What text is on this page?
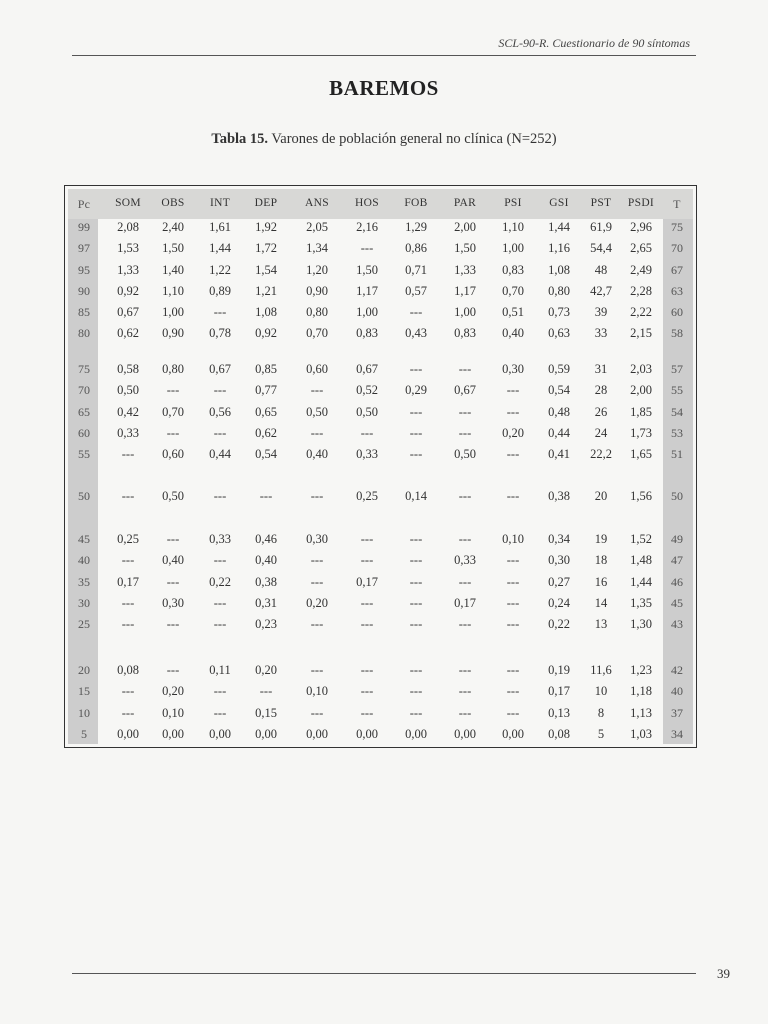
SCL-90-R. Cuestionario de 90 síntomas
BAREMOS
Tabla 15. Varones de población general no clínica (N=252)
Pc SOM OBS INT DEP ANS HOS FOB PAR PSI GSI PST PSDI T
99 2,08 2,40 1,61 1,92 2,05 2,16 1,29 2,00 1,10 1,44 61,9 2,96 75
97 1,53 1,50 1,44 1,72 1,34	---	0,86 1,50 1,00 1,16 54,4 2,65 70
95 1,33 1,40 1,22 1,54 1,20 1,50 0,71 1,33 0,83 1,08 48 2,49 67
90 0,92 1,10 0,89 1,21 0,90 1,17 0,57 1,17 0,70 0,80 42,7 2,28 63
85 0,67 1,00 --- 1,08 0,80 1,00	---	1,00 0,51 0,73 39 2,22 60
80 0,62 0,90 0,78 0,92 0,70 0,83 0,43 0,83 0,40 0,63 33 2,15 58
75 0,58 0,80 0,67 0,85 0,60 0,67	---	--- 0,30 0,59 31 2,03 57
70 0,50 ---	--- 0,77	---	0,52 0,29 0,67 --- 0,54 28 2,00 55
65 0,42 0,70 0,56 0,65 0,50 0,50	---	---	--- 0,48 26 1,85 54
60 0,33 ---	--- 0,62	---	---	---	--- 0,20 0,44 24 1,73 53
55	--- 0,60 0,44 0,54 0,40 0,33	---	0,50 --- 0,41 22,2 1,65 51
50	--- 0,50 ---	---	---	0,25 0,14	---	--- 0,38 20 1,56 50
45 0,25 --- 0,33 0,46 0,30	---	---	--- 0,10 0,34 19 1,52 49
40	--- 0,40 --- 0,40	---	---	---	0,33 --- 0,30 18 1,48 47
35 0,17 --- 0,22 0,38	---	0,17	---	---	--- 0,27 16 1,44 46
30	--- 0,30 --- 0,31 0,20	---	---	0,17 --- 0,24 14 1,35 45
25	---	---	--- 0,23	---	---	---	---	--- 0,22 13 1,30 43
20 0,08 --- 0,11 0,20	---	---	---	---	--- 0,19 11,6 1,23 42
15	--- 0,20 ---	---	0,10	---	---	---	--- 0,17 10 1,18 40
10	--- 0,10 --- 0,15	---	---	---	---	--- 0,13 8 1,13 37
5 0,00 0,00 0,00 0,00 0,00 0,00 0,00 0,00 0,00 0,08 5 1,03 34
39
